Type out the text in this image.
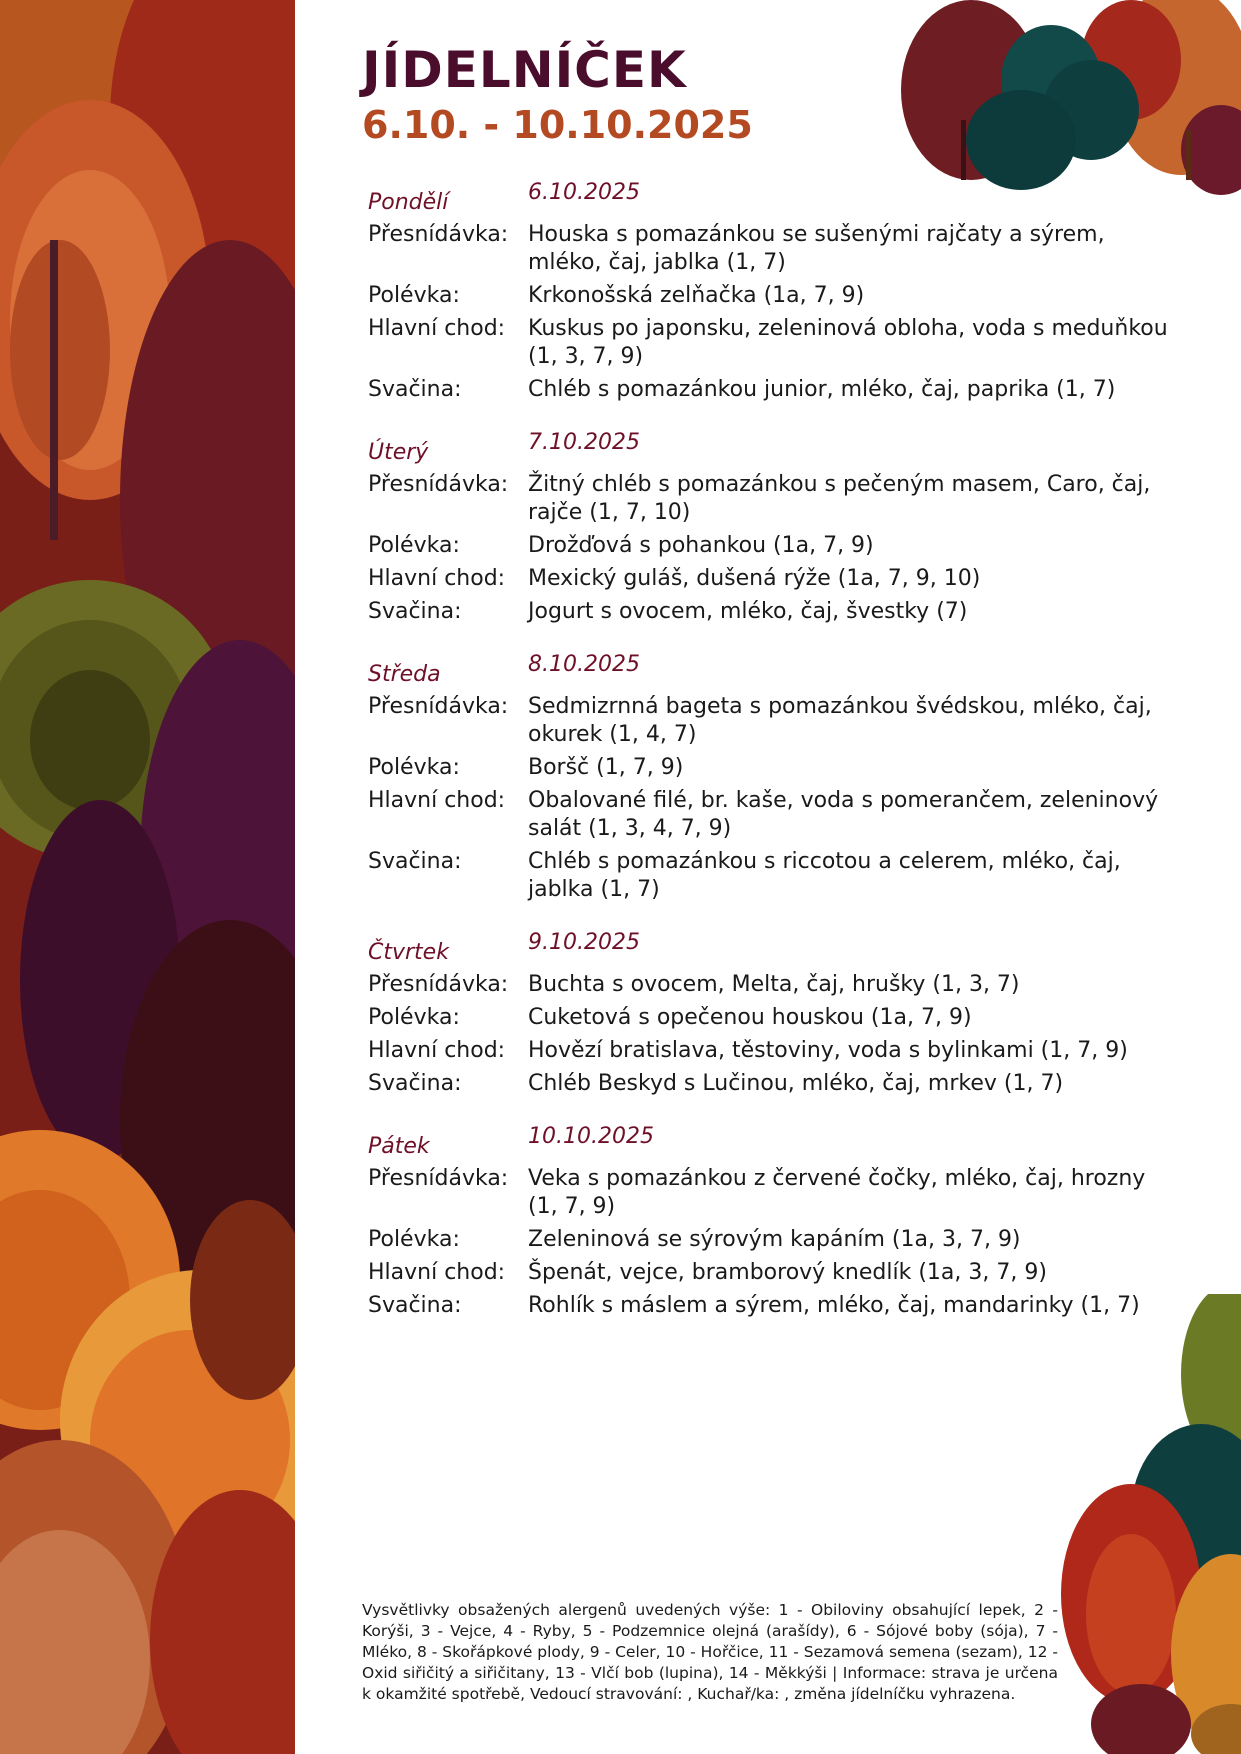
JÍDELNÍČEK
6.10. - 10.10.2025
Pondělí	6.10.2025
Přesnídávka: Houska s pomazánkou se sušenými rajčaty a sýrem, mléko, čaj, jablka (1, 7)
Polévka:	Krkonošská zelňačka (1a, 7, 9)
Hlavní chod:	Kuskus po japonsku, zeleninová obloha, voda s meduňkou (1, 3, 7, 9)
Svačina:	Chléb s pomazánkou junior, mléko, čaj, paprika (1, 7)
Úterý	7.10.2025
Přesnídávka: Žitný chléb s pomazánkou s pečeným masem, Caro, čaj, rajče (1, 7, 10)
Polévka:	Drožďová s pohankou (1a, 7, 9)
Hlavní chod:	Mexický guláš, dušená rýže (1a, 7, 9, 10)
Svačina:	Jogurt s ovocem, mléko, čaj, švestky (7)
Středa	8.10.2025
Přesnídávka: Sedmizrnná bageta s pomazánkou švédskou, mléko, čaj, okurek (1, 4, 7)
Polévka:	Boršč (1, 7, 9)
Hlavní chod:	Obalované filé, br. kaše, voda s pomerančem, zeleninový salát (1, 3, 4, 7, 9)
Svačina:	Chléb s pomazánkou s riccotou a celerem, mléko, čaj, jablka (1, 7)
Čtvrtek	9.10.2025
Přesnídávka: Buchta s ovocem, Melta, čaj, hrušky (1, 3, 7)
Polévka:	Cuketová s opečenou houskou (1a, 7, 9)
Hlavní chod:	Hovězí bratislava, těstoviny, voda s bylinkami (1, 7, 9)
Svačina:	Chléb Beskyd s Lučinou, mléko, čaj, mrkev (1, 7)
Pátek	10.10.2025
Přesnídávka: Veka s pomazánkou z červené čočky, mléko, čaj, hrozny (1, 7, 9)
Polévka:	Zeleninová se sýrovým kapáním (1a, 3, 7, 9)
Hlavní chod:	Špenát, vejce, bramborový knedlík (1a, 3, 7, 9)
Svačina:	Rohlík s máslem a sýrem, mléko, čaj, mandarinky (1, 7)
Vysvětlivky obsažených alergenů uvedených výše: 1 - Obiloviny obsahující lepek, 2 - Korýši, 3 - Vejce, 4 - Ryby, 5 - Podzemnice olejná (arašídy), 6 - Sójové boby (sója), 7 - Mléko, 8 - Skořápkové plody, 9 - Celer, 10 - Hořčice, 11 - Sezamová semena (sezam), 12 - Oxid siřičitý a siřičitany, 13 - Vlčí bob (lupina), 14 - Měkkýši | Informace: strava je určena k okamžité spotřebě, Vedoucí stravování: , Kuchař/ka: , změna jídelníčku vyhrazena.
